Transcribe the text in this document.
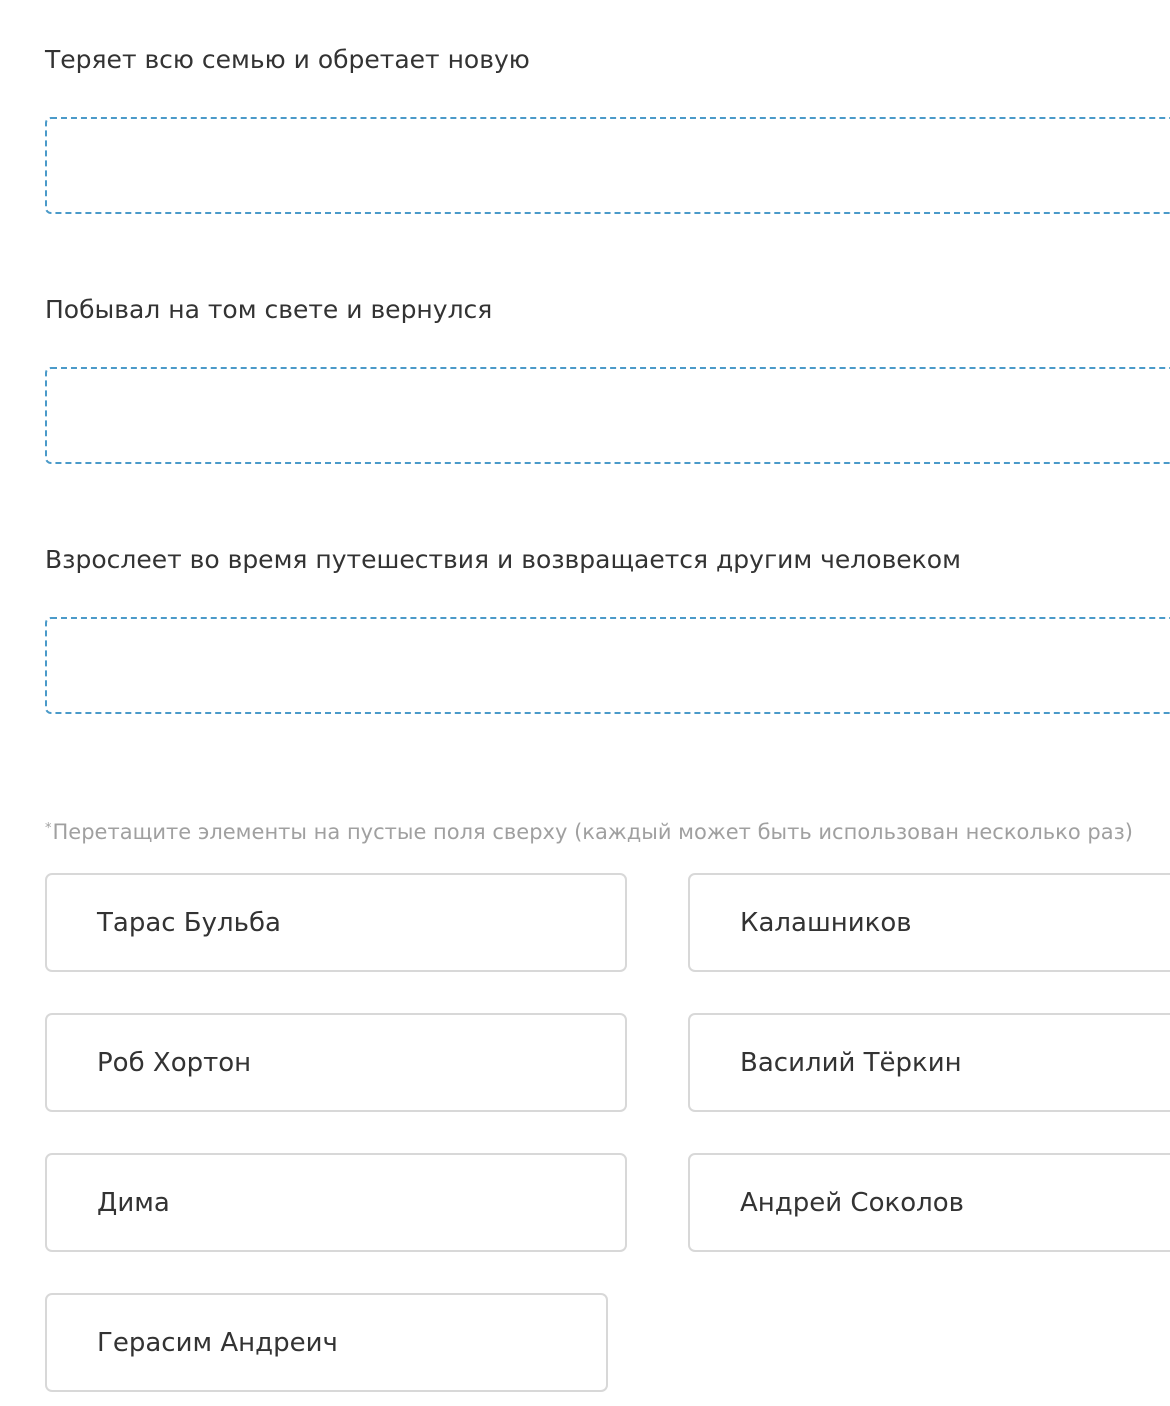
Теряет всю семью и обретает новую
Побывал на том свете и вернулся
Взрослеет во время путешествия и возвращается другим человеком
*Перетащите элементы на пустые поля сверху (каждый может быть использован несколько раз)
Тарас Бульба	Калашников
Роб Хортон	Василий Тёркин
Дима	Андрей Соколов
Герасим Андреич
